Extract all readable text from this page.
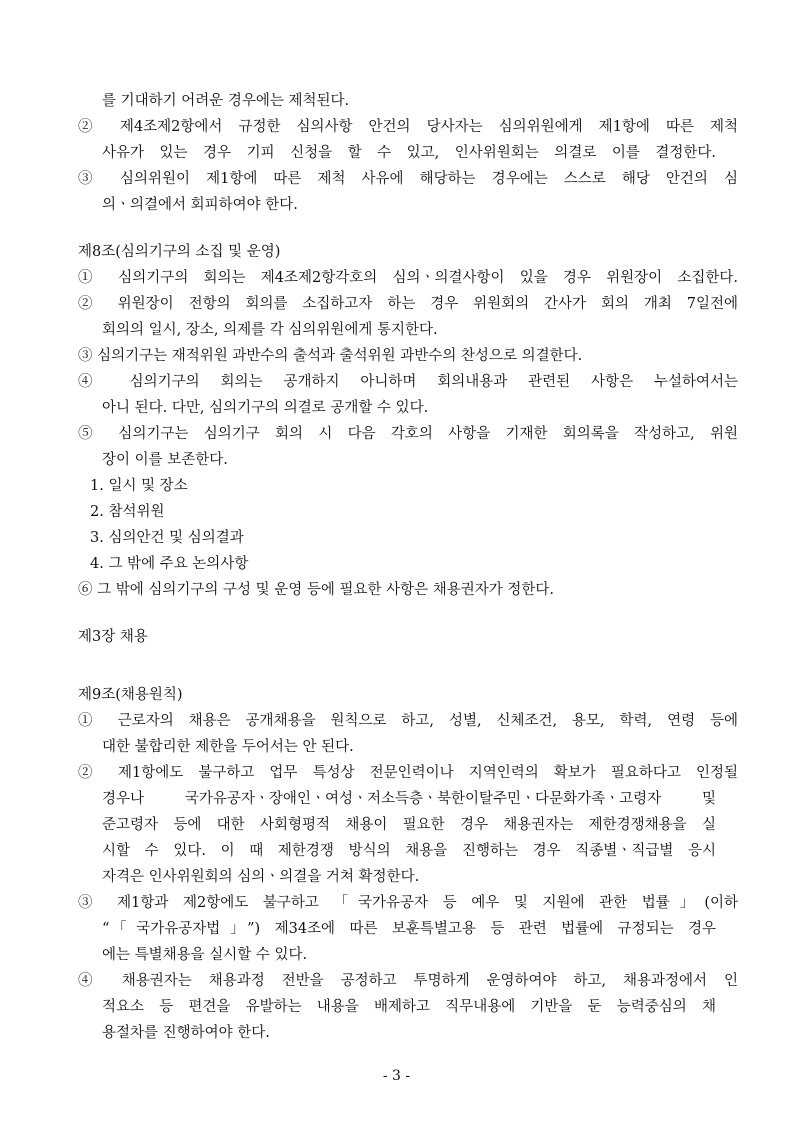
를 기대하기 어려운 경우에는 제척된다.
② 제4조제2항에서 규정한 심의사항 안건의 당사자는 심의위원에게 제1항에 따른 제척
사유가 있는 경우 기피 신청을 할 수 있고, 인사위원회는 의결로 이를 결정한다.
③ 심의위원이 제1항에 따른 제척 사유에 해당하는 경우에는 스스로 해당 안건의 심
의ㆍ의결에서 회피하여야 한다.
제8조(심의기구의 소집 및 운영)
① 심의기구의 회의는 제4조제2항각호의 심의ㆍ의결사항이 있을 경우 위원장이 소집한다.
② 위원장이 전항의 회의를 소집하고자 하는 경우 위원회의 간사가 회의 개최 7일전에
회의의 일시, 장소, 의제를 각 심의위원에게 통지한다.
③ 심의기구는 재적위원 과반수의 출석과 출석위원 과반수의 찬성으로 의결한다.
④ 심의기구의 회의는 공개하지 아니하며 회의내용과 관련된 사항은 누설하여서는
아니 된다. 다만, 심의기구의 의결로 공개할 수 있다.
⑤ 심의기구는 심의기구 회의 시 다음 각호의 사항을 기재한 회의록을 작성하고, 위원
장이 이를 보존한다.
1. 일시 및 장소
2. 참석위원
3. 심의안건 및 심의결과
4. 그 밖에 주요 논의사항
⑥ 그 밖에 심의기구의 구성 및 운영 등에 필요한 사항은 채용권자가 정한다.
제3장 채용
제9조(채용원칙)
① 근로자의 채용은 공개채용을 원칙으로 하고, 성별, 신체조건, 용모, 학력, 연령 등에
대한 불합리한 제한을 두어서는 안 된다.
② 제1항에도 불구하고 업무 특성상 전문인력이나 지역인력의 확보가 필요하다고 인정될
경우나 국가유공자ㆍ장애인ㆍ여성ㆍ저소득층ㆍ북한이탈주민ㆍ다문화가족ㆍ고령자 및
준고령자 등에 대한 사회형평적 채용이 필요한 경우 채용권자는 제한경쟁채용을 실
시할 수 있다. 이 때 제한경쟁 방식의 채용을 진행하는 경우 직종별ㆍ직급별 응시
자격은 인사위원회의 심의ㆍ의결을 거쳐 확정한다.
③ 제1항과 제2항에도 불구하고 「국가유공자 등 예우 및 지원에 관한 법률」(이하
“「국가유공자법」”) 제34조에 따른 보훈특별고용 등 관련 법률에 규정되는 경우
에는 특별채용을 실시할 수 있다.
④ 채용권자는 채용과정 전반을 공정하고 투명하게 운영하여야 하고, 채용과정에서 인
적요소 등 편견을 유발하는 내용을 배제하고 직무내용에 기반을 둔 능력중심의 채
용절차를 진행하여야 한다.
- 3 -
